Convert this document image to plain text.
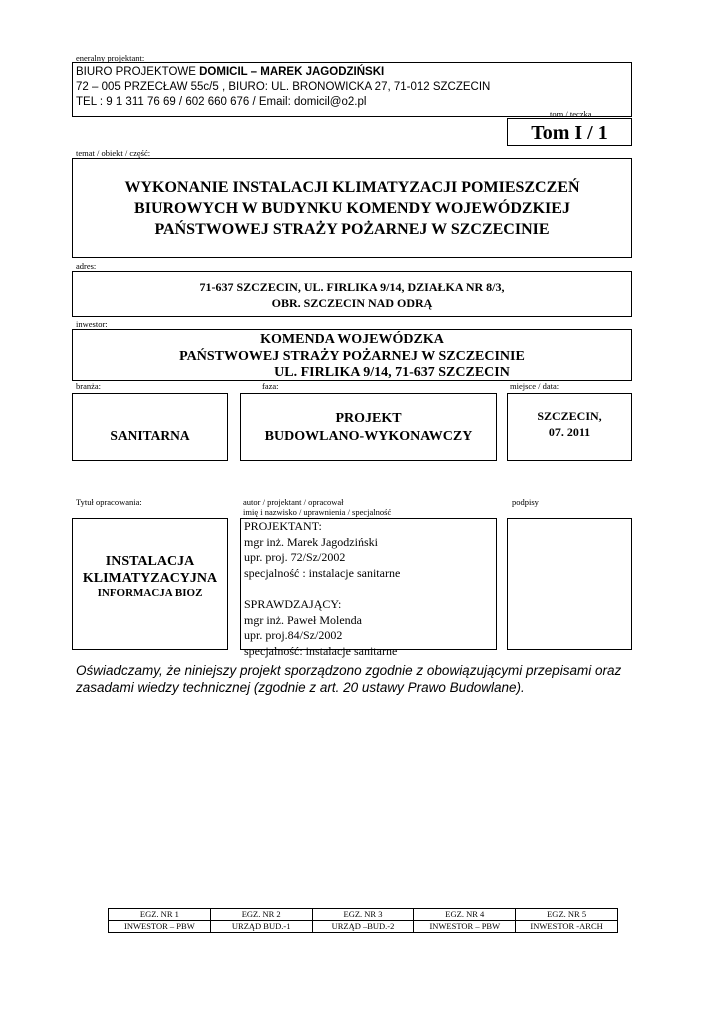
eneralny projektant:
BIURO PROJEKTOWE DOMICIL – MAREK JAGODZIŃSKI
72 – 005 PRZECŁAW 55c/5 , BIURO: UL. BRONOWICKA 27, 71-012 SZCZECIN
TEL : 9 1 311 76 69 / 602 660 676 / Email: domicil@o2.pl
tom / teczka
Tom I / 1
temat / obiekt / część:
WYKONANIE INSTALACJI KLIMATYZACJI POMIESZCZEŃ
BIUROWYCH W BUDYNKU KOMENDY WOJEWÓDZKIEJ
PAŃSTWOWEJ STRAŻY POŻARNEJ W SZCZECINIE
adres:
71-637 SZCZECIN, UL. FIRLIKA 9/14, DZIAŁKA NR 8/3,
OBR. SZCZECIN NAD ODRĄ
inwestor:
KOMENDA WOJEWÓDZKA
PAŃSTWOWEJ STRAŻY POŻARNEJ W SZCZECINIE
UL. FIRLIKA 9/14, 71-637 SZCZECIN
branża:	faza:	miejsce / data:
SANITARNA
PROJEKT
BUDOWLANO-WYKONAWCZY
SZCZECIN,
07. 2011
Tytuł opracowania:	autor / projektant / opracował
imię i nazwisko / uprawnienia / specjalność
podpisy
INSTALACJA
KLIMATYZACYJNA
INFORMACJA BIOZ
PROJEKTANT:
mgr inż. Marek Jagodziński
upr. proj. 72/Sz/2002
specjalność : instalacje sanitarne
SPRAWDZAJĄCY:
mgr inż. Paweł Molenda
upr. proj.84/Sz/2002
specjalność: instalacje sanitarne
Oświadczamy, że niniejszy projekt sporządzono zgodnie z obowiązującymi przepisami oraz
zasadami wiedzy technicznej (zgodnie z art. 20 ustawy Prawo Budowlane).
EGZ. NR 1	EGZ. NR 2	EGZ. NR 3	EGZ. NR 4	EGZ. NR 5
INWESTOR – PBW	URZĄD BUD.-1	URZĄD –BUD.-2	INWESTOR – PBW	INWESTOR -ARCH
